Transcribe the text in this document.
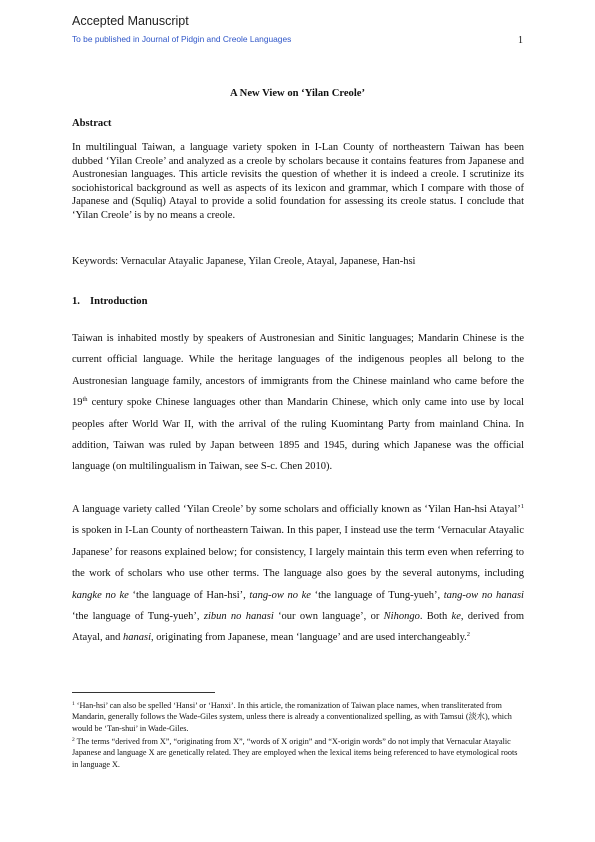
Accepted Manuscript
To be published in Journal of Pidgin and Creole Languages	1
A New View on ‘Yilan Creole’
Abstract
In multilingual Taiwan, a language variety spoken in I-Lan County of northeastern Taiwan has been dubbed ‘Yilan Creole’ and analyzed as a creole by scholars because it contains features from Japanese and Austronesian languages. This article revisits the question of whether it is indeed a creole. I scrutinize its sociohistorical background as well as aspects of its lexicon and grammar, which I compare with those of Japanese and (Squliq) Atayal to provide a solid foundation for assessing its creole status. I conclude that ‘Yilan Creole’ is by no means a creole.
Keywords: Vernacular Atayalic Japanese, Yilan Creole, Atayal, Japanese, Han-hsi
1. Introduction
Taiwan is inhabited mostly by speakers of Austronesian and Sinitic languages; Mandarin Chinese is the current official language. While the heritage languages of the indigenous peoples all belong to the Austronesian language family, ancestors of immigrants from the Chinese mainland who came before the 19th century spoke Chinese languages other than Mandarin Chinese, which only came into use by local peoples after World War II, with the arrival of the ruling Kuomintang Party from mainland China. In addition, Taiwan was ruled by Japan between 1895 and 1945, during which Japanese was the official language (on multilingualism in Taiwan, see S-c. Chen 2010).
A language variety called ‘Yilan Creole’ by some scholars and officially known as ‘Yilan Han-hsi Atayal’$^1$ is spoken in I-Lan County of northeastern Taiwan. In this paper, I instead use the term ‘Vernacular Atayalic Japanese’ for reasons explained below; for consistency, I largely maintain this term even when referring to the work of scholars who use other terms. The language also goes by the several autonyms, including kangke no ke ‘the language of Han-hsi’, tang-ow no ke ‘the language of Tung-yueh’, tang-ow no hanasi ‘the language of Tung-yueh’, zibun no hanasi ‘our own language’, or Nihongo. Both ke, derived from Atayal, and hanasi, originating from Japanese, mean ‘language’ and are used interchangeably.$^2$
$^1$ ‘Han-hsi’ can also be spelled ‘Hansi’ or ‘Hanxi’. In this article, the romanization of Taiwan place names, when transliterated from Mandarin, generally follows the Wade-Giles system, unless there is already a conventionalized spelling, as with Tamsui (淡水), which would be ‘Tan-shui’ in Wade-Giles.
$^2$ The terms “derived from X”, “originating from X”, “words of X origin” and “X-origin words” do not imply that Vernacular Atayalic Japanese and language X are genetically related. They are employed when the lexical items being referenced to have etymological roots in language X.
